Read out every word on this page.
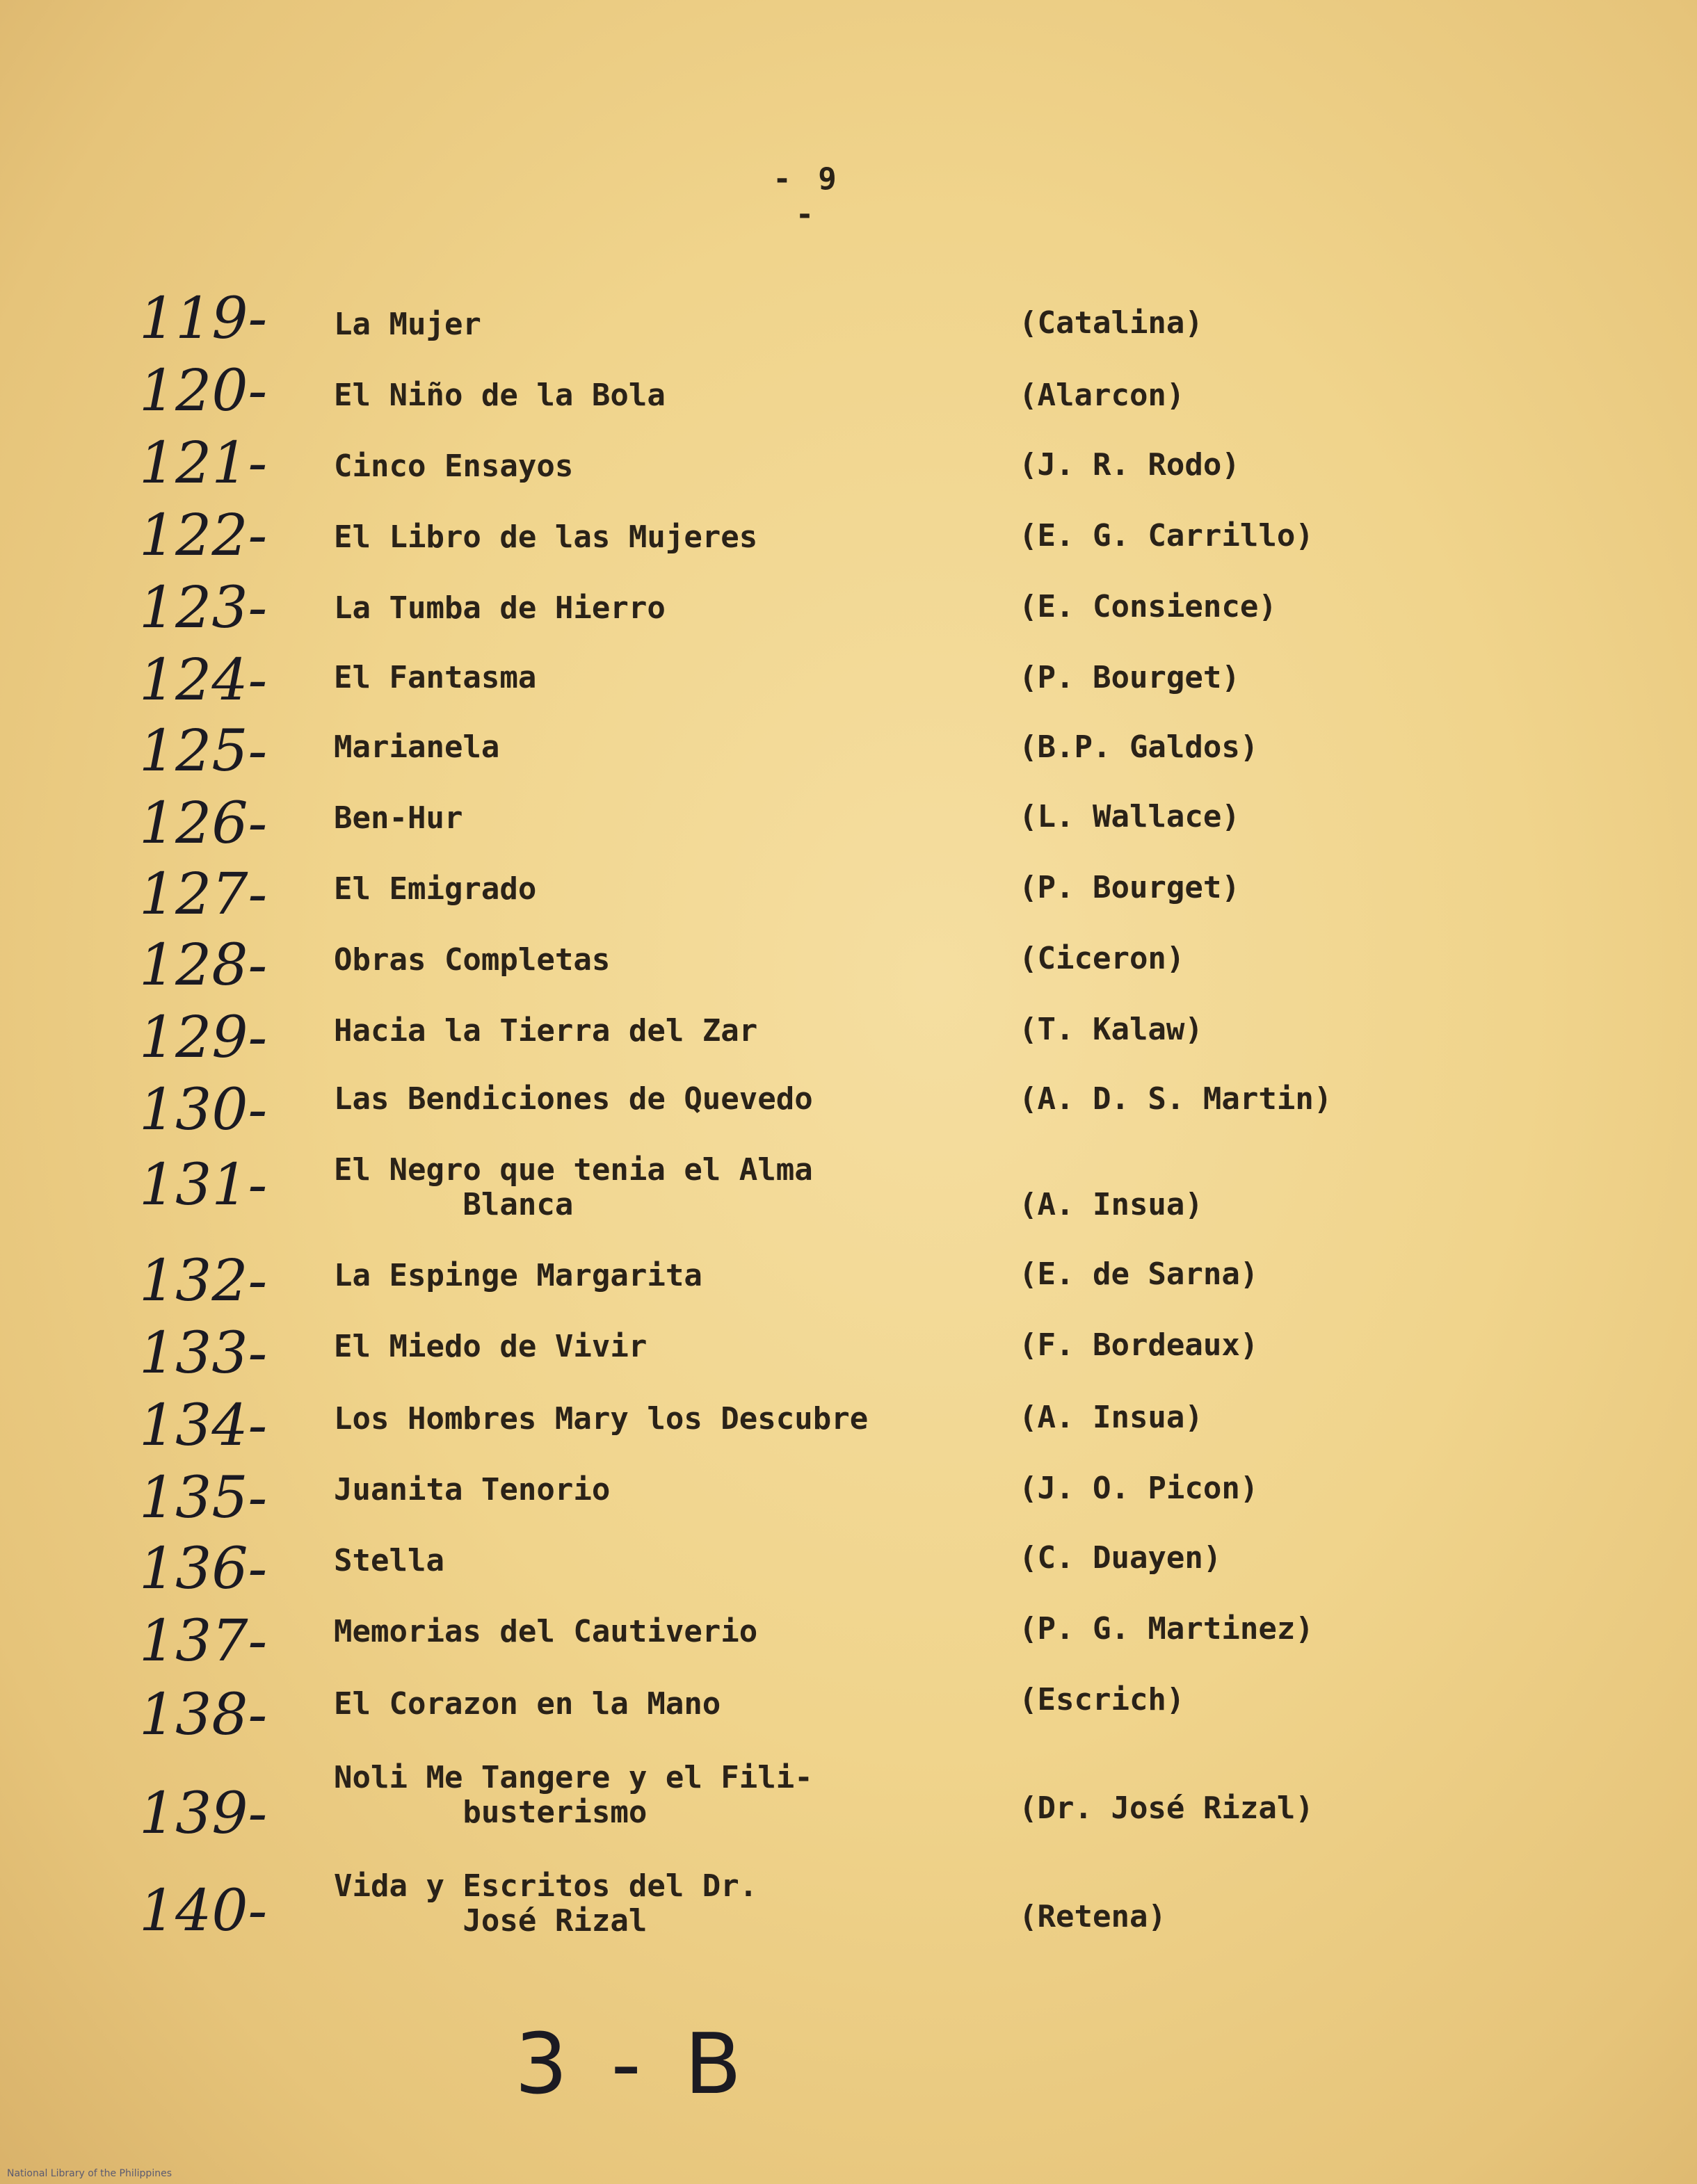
- 9 -
119-	La Mujer	(Catalina)
120-	El Niño de la Bola	(Alarcon)
121-	Cinco Ensayos	(J. R. Rodo)
122-	El Libro de las Mujeres	(E. G. Carrillo)
123-	La Tumba de Hierro	(E. Consience)
124-	El Fantasma	(P. Bourget)
125-	Marianela	(B.P. Galdos)
126-	Ben-Hur	(L. Wallace)
127-	El Emigrado	(P. Bourget)
128-	Obras Completas	(Ciceron)
129-	Hacia la Tierra del Zar	(T. Kalaw)
130-	Las Bendiciones de Quevedo	(A. D. S. Martin)
131-	El Negro que tenia el Alma
Blanca	(A. Insua)
132-	La Espinge Margarita	(E. de Sarna)
133-	El Miedo de Vivir	(F. Bordeaux)
134-	Los Hombres Mary los Descubre	(A. Insua)
135-	Juanita Tenorio	(J. O. Picon)
136-	Stella	(C. Duayen)
137-	Memorias del Cautiverio	(P. G. Martinez)
138-	El Corazon en la Mano	(Escrich)
139-
Noli Me Tangere y el Fili-
busterismo	(Dr. José Rizal)
140-	Vida y Escritos del Dr.
José Rizal	(Retena)
3 - B
National Library of the Philippines
